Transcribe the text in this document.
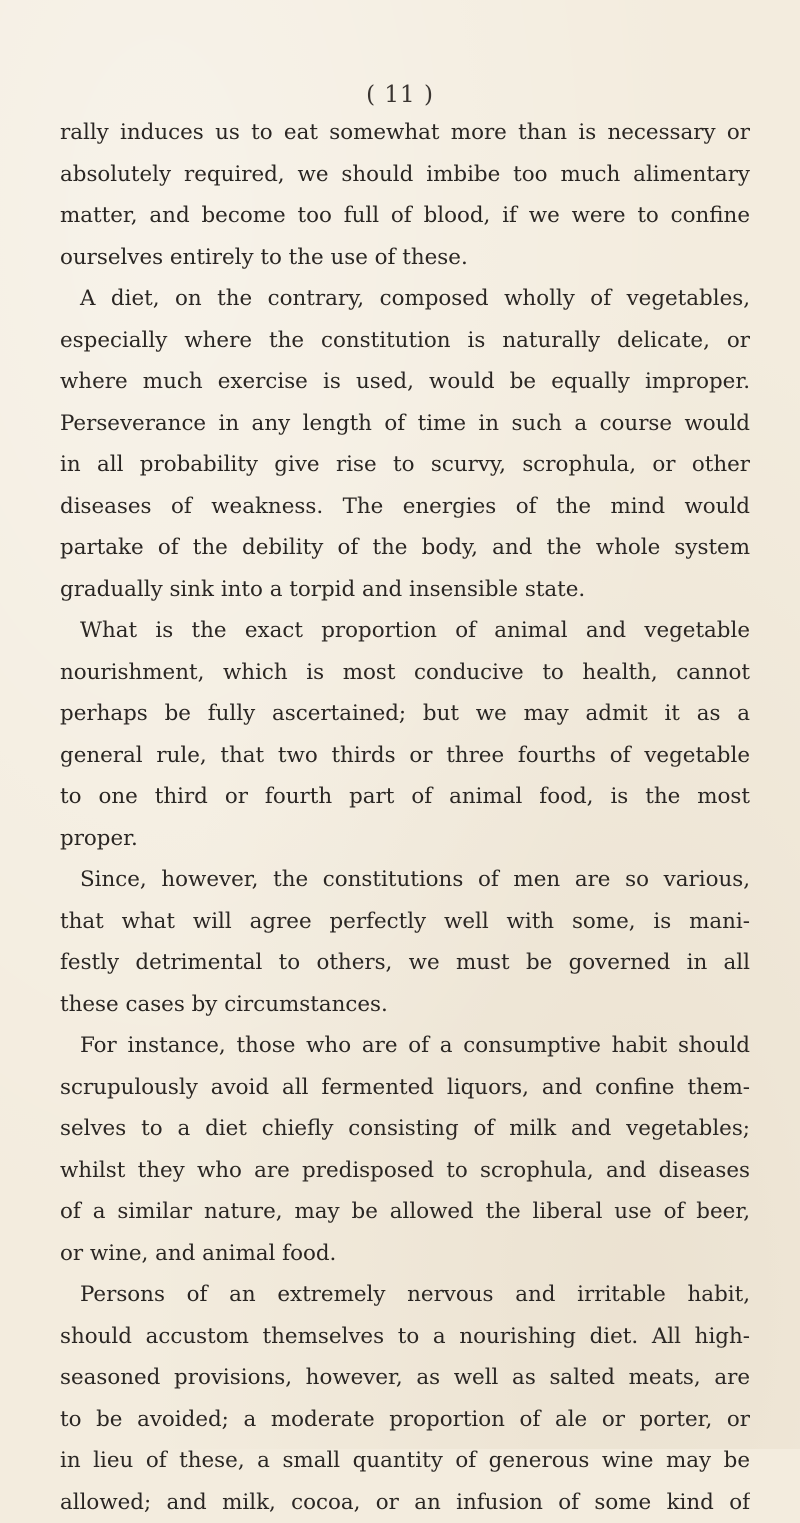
( 11 )
rally induces us to eat somewhat more than is necessary or
absolutely required, we should imbibe too much alimentary
matter, and become too full of blood, if we were to confine
ourselves entirely to the use of these.
A diet, on the contrary, composed wholly of vegetables,
especially where the constitution is naturally delicate, or
where much exercise is used, would be equally improper.
Perseverance in any length of time in such a course would
in all probability give rise to scurvy, scrophula, or other
diseases of weakness. The energies of the mind would
partake of the debility of the body, and the whole system
gradually sink into a torpid and insensible state.
What is the exact proportion of animal and vegetable
nourishment, which is most conducive to health, cannot
perhaps be fully ascertained; but we may admit it as a
general rule, that two thirds or three fourths of vegetable
to one third or fourth part of animal food, is the most
proper.
Since, however, the constitutions of men are so various,
that what will agree perfectly well with some, is mani-
festly detrimental to others, we must be governed in all
these cases by circumstances.
For instance, those who are of a consumptive habit should
scrupulously avoid all fermented liquors, and confine them-
selves to a diet chiefly consisting of milk and vegetables;
whilst they who are predisposed to scrophula, and diseases
of a similar nature, may be allowed the liberal use of beer,
or wine, and animal food.
Persons of an extremely nervous and irritable habit,
should accustom themselves to a nourishing diet. All high-
seasoned provisions, however, as well as salted meats, are
to be avoided; a moderate proportion of ale or porter, or
in lieu of these, a small quantity of generous wine may be
allowed; and milk, cocoa, or an infusion of some kind of
